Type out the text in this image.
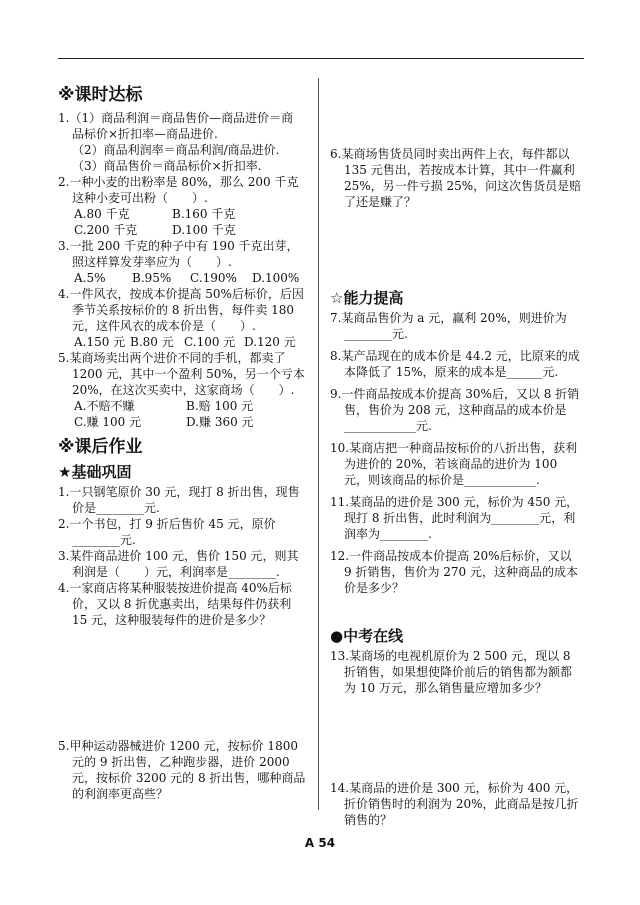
※课时达标

1.（1）商品利润＝商品售价—商品进价＝商

品标价×折扣率—商品进价.

（2）商品利润率＝商品利润/商品进价.

（3）商品售价＝商品标价×折扣率.

2.一种小麦的出粉率是 80%，那么 200 千克这种小麦可出粉（　　）.

A.80 千克	B.160 千克
C.200 千克	D.100 千克

3.一批 200 千克的种子中有 190 千克出芽，照这样算发芽率应为（　　）.

A.5%	B.95%	C.190%	D.100%

4.一件风衣，按成本价提高 50%后标价，后因季节关系按标价的 8 折出售，每件卖 180 元，这件风衣的成本价是（　　）.

A.150 元 B.80 元 C.100 元 D.120 元

5.某商场卖出两个进价不同的手机，都卖了 1200 元，其中一个盈利 50%，另一个亏本 20%，在这次买卖中，这家商场（　　）.

A.不赔不赚	B.赔 100 元
C.赚 100 元	D.赚 360 元
※课后作业
★基础巩固

1.一只钢笔原价 30 元，现打 8 折出售，现售价是________元.

2.一个书包，打 9 折后售价 45 元，原价________元.

3.某件商品进价 100 元，售价 150 元，则其利润是（　　）元，利润率是________.

4.一家商店将某种服装按进价提高 40%后标价，又以 8 折优惠卖出，结果每件仍获利 15 元，这种服装每件的进价是多少？

5.甲种运动器械进价 1200 元，按标价 1800 元的 9 折出售，乙种跑步器，进价 2000 元，按标价 3200 元的 8 折出售，哪种商品的利润率更高些？

6.某商场售货员同时卖出两件上衣，每件都以 135 元售出，若按成本计算，其中一件赢利 25%，另一件亏损 25%，问这次售货员是赔了还是赚了？

☆能力提高

7.某商品售价为 a 元，赢利 20%，则进价为________元.

8.某产品现在的成本价是 44.2 元，比原来的成本降低了 15%，原来的成本是______元.

9.一件商品按成本价提高 30%后，又以 8 折销售，售价为 208 元，这种商品的成本价是____________元.

10.某商店把一种商品按标价的八折出售，获利为进价的 20%，若该商品的进价为 100 元，则该商品的标价是____________.

11.某商品的进价是 300 元，标价为 450 元，现打 8 折出售，此时利润为________元，利润率为________.

12.一件商品按成本价提高 20%后标价，又以 9 折销售，售价为 270 元，这种商品的成本价是多少？

●中考在线

13.某商场的电视机原价为 2 500 元，现以 8 折销售，如果想使降价前后的销售都为额都为 10 万元，那么销售量应增加多少？

14.某商品的进价是 300 元，标价为 400 元，折价销售时的利润为 20%，此商品是按几折销售的？

A 54
